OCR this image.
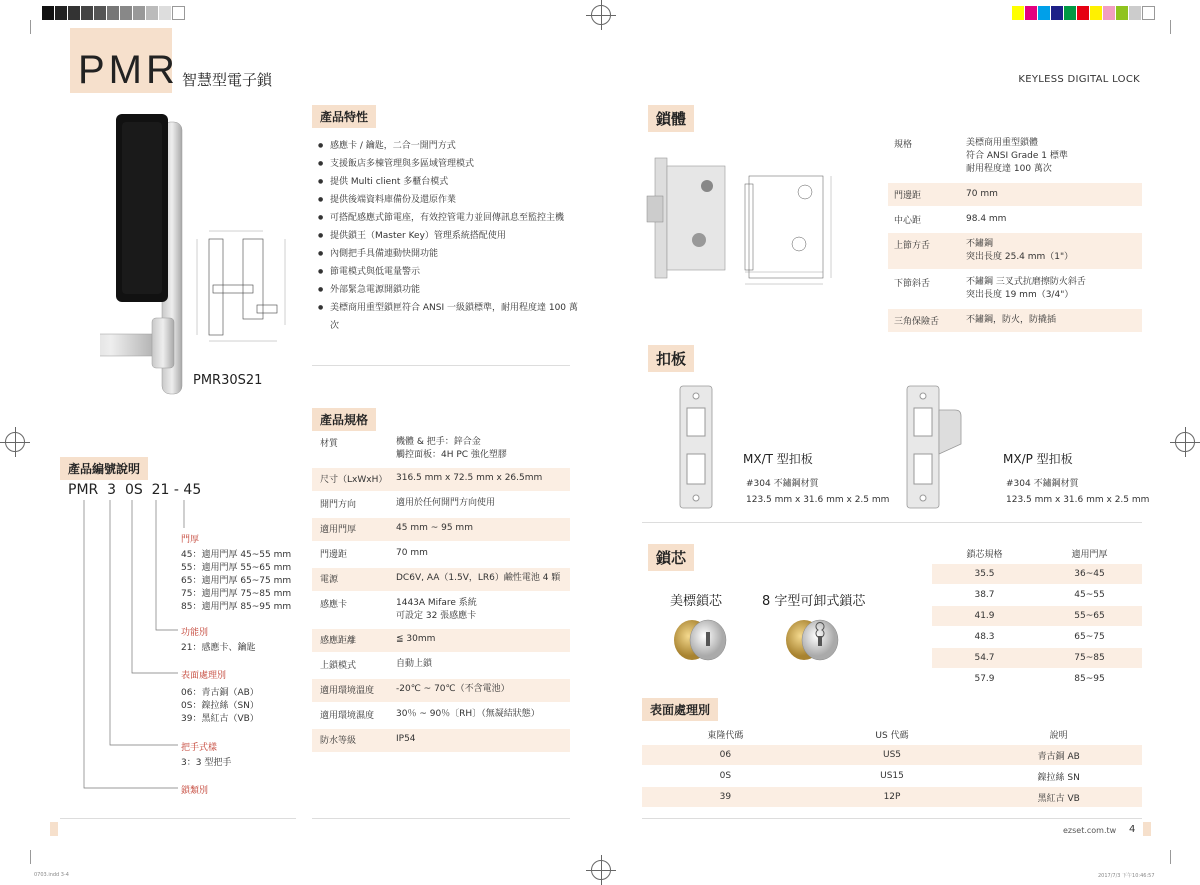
PMR 智慧型電子鎖	KEYLESS DIGITAL LOCK
PMR30S21
產品特性
● 感應卡 / 鑰匙，二合一開門方式
● 支援飯店多棟管理與多區域管理模式
● 提供 Multi client 多櫃台模式
● 提供後端資料庫備份及還原作業
● 可搭配感應式節電座，有效控管電力並回傳訊息至監控主機
● 提供鎖王（Master Key）管理系統搭配使用
● 內側把手具備連動快開功能
● 節電模式與低電量警示
● 外部緊急電源開鎖功能
● 美標商用重型鎖匣符合 ANSI 一級鎖標準，耐用程度達 100 萬次
產品規格
材質	機體 & 把手：鋅合金
觸控面板：4H PC 強化塑膠
尺寸（LxWxH） 316.5 mm x 72.5 mm x 26.5mm
開門方向	適用於任何開門方向使用
適用門厚	45 mm ~ 95 mm
門邊距	70 mm
電源	DC6V, AA（1.5V，LR6）鹼性電池 4 顆
感應卡	1443A Mifare 系統
可設定 32 張感應卡
感應距離	≦ 30mm
上鎖模式	自動上鎖
適用環境溫度	-20℃ ~ 70℃（不含電池）
適用環境濕度	30％ ~ 90％〔RH〕（無凝結狀態）
防水等級	IP54
產品編號說明
PMR  3  0S  21 - 45
門厚
45：適用門厚 45~55 mm
55：適用門厚 55~65 mm
65：適用門厚 65~75 mm
75：適用門厚 75~85 mm
85：適用門厚 85~95 mm
功能別
21：感應卡、鑰匙
表面處理別
06：青古銅（AB）
0S：鎳拉絲（SN）
39：黑紅古（VB）
把手式樣
3：3 型把手
鎖類別
鎖體
規格	美標商用重型鎖體
符合 ANSI Grade 1 標準
耐用程度達 100 萬次
門邊距	70 mm
中心距	98.4 mm
上節方舌	不鏽鋼
突出長度 25.4 mm（1"）
下節斜舌	不鏽鋼 三叉式抗磨擦防火斜舌
突出長度 19 mm（3/4"）
三角保險舌	不鏽鋼，防火，防撬插
扣板
MX/T 型扣板
#304 不鏽鋼材質
123.5 mm x 31.6 mm x 2.5 mm
MX/P 型扣板
#304 不鏽鋼材質
123.5 mm x 31.6 mm x 2.5 mm
鎖芯
美標鎖芯	8 字型可卸式鎖芯
鎖芯規格	適用門厚
35.5	36~45
38.7	45~55
41.9	55~65
48.3	65~75
54.7	75~85
57.9	85~95
表面處理別
東隆代碼	US 代碼	說明
06	US5	青古銅 AB
0S	US15	鎳拉絲 SN
39	12P	黑紅古 VB
ezset.com.tw 4
0703.indd 3-4	2017/7/3 下午10:46:57
